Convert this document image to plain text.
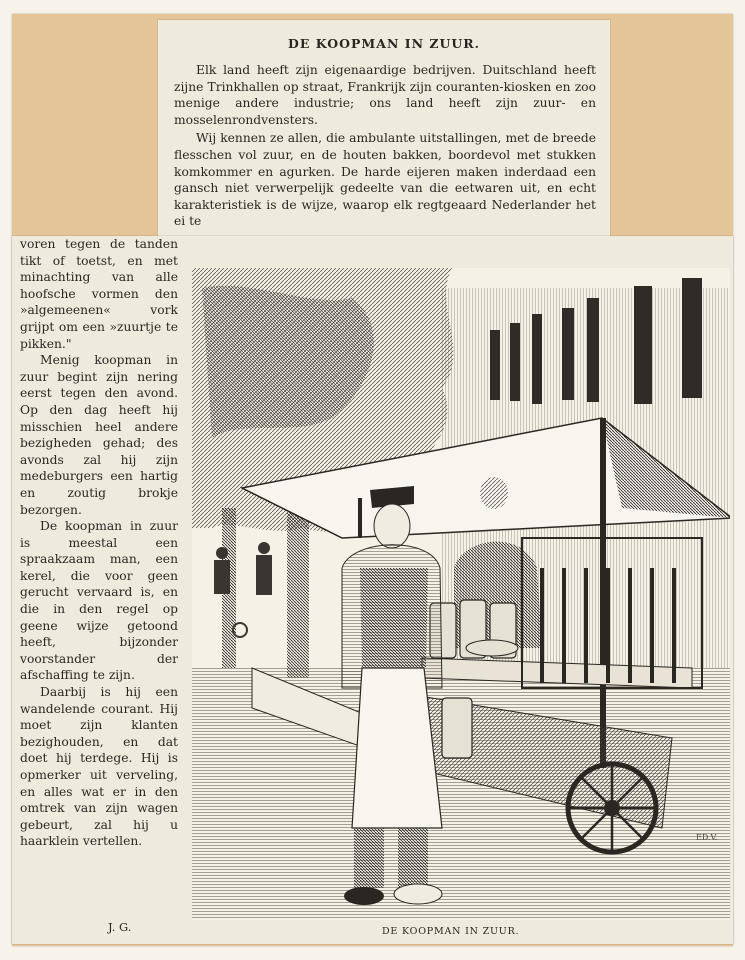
DE KOOPMAN IN ZUUR.

Elk land heeft zijn eigenaardige bedrijven. Duitschland heeft zijne Trinkhallen op straat, Frankrijk zijn couranten-kiosken en zoo menige andere industrie; ons land heeft zijn zuur- en mosselenrondvensters.

Wij kennen ze allen, die ambulante uitstallingen, met de breede flesschen vol zuur, en de houten bakken, boordevol met stukken komkommer en agurken. De harde eijeren maken inderdaad een gansch niet verwerpelijk gedeelte van die eetwaren uit, en echt karakteristiek is de wijze, waarop elk regtgeaard Nederlander het ei te

voren tegen de tanden tikt of toetst, en met minachting van alle hoofsche vormen den »algemeenen« vork grijpt om een »zuurtje te pikken."

Menig koopman in zuur begint zijn nering eerst tegen den avond. Op den dag heeft hij misschien heel andere bezigheden gehad; des avonds zal hij zijn medeburgers een hartig en zoutig brokje bezorgen.

De koopman in zuur is meestal een spraakzaam man, een kerel, die voor geen gerucht vervaard is, en die in den regel op geene wijze getoond heeft, bijzonder voorstander der afschaffing te zijn.

Daarbij is hij een wandelende courant. Hij moet zijn klanten bezighouden, en dat doet hij terdege. Hij is opmerker uit verveling, en alles wat er in den omtrek van zijn wagen gebeurt, zal hij u haarklein vertellen.

J. G.
ED.V.
DE KOOPMAN IN ZUUR.
